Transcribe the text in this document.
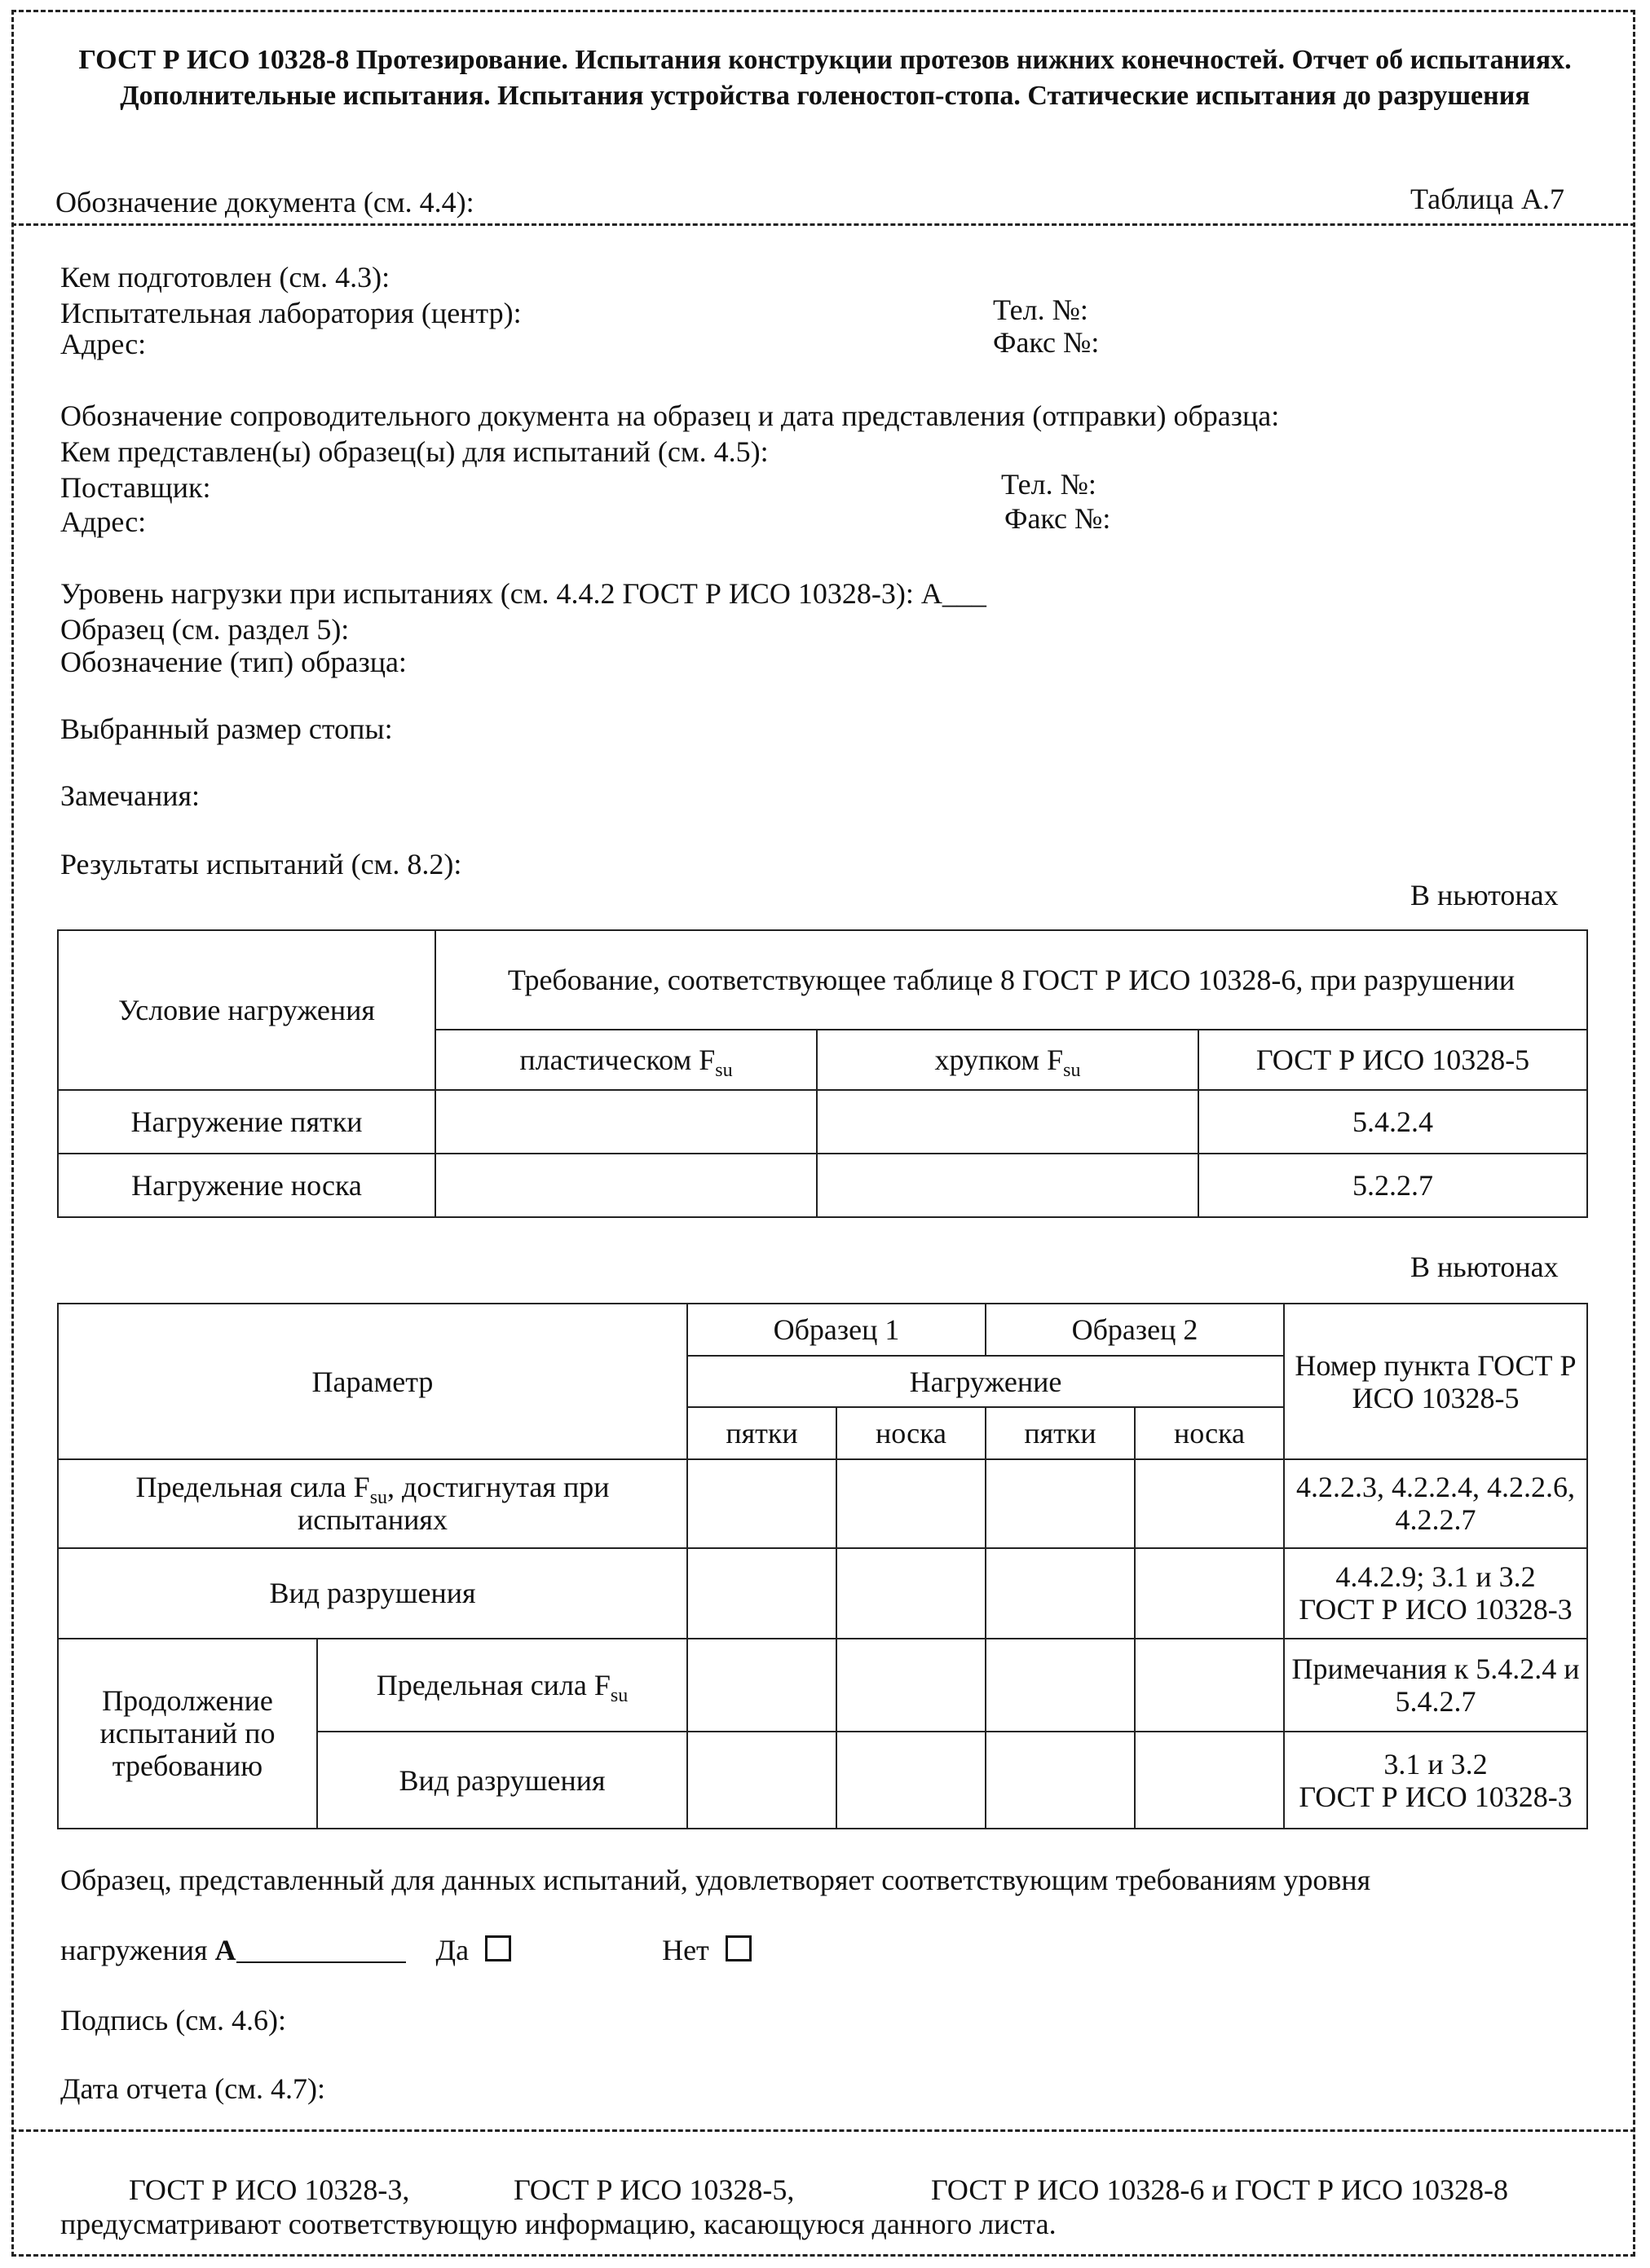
ГОСТ Р ИСО 10328-8 Протезирование. Испытания конструкции протезов нижних конечностей. Отчет об испытаниях. Дополнительные испытания. Испытания устройства голеностоп-стопа. Статические испытания до разрушения
Обозначение документа (см. 4.4):	Таблица А.7
Кем подготовлен (см. 4.3):
Испытательная лаборатория (центр):	Тел. №:
Адрес:	Факс №:
Обозначение сопроводительного документа на образец и дата представления (отправки) образца:
Кем представлен(ы) образец(ы) для испытаний (см. 4.5):
Поставщик:	Тел. №:
Адрес:	Факс №:
Уровень нагрузки при испытаниях (см. 4.4.2 ГОСТ Р ИСО 10328-3): А___
Образец (см. раздел 5):
Обозначение (тип) образца:
Выбранный размер стопы:
Замечания:
Результаты испытаний (см. 8.2):
В ньютонах
Условие нагружения	Требование, соответствующее таблице 8 ГОСТ Р ИСО 10328-6, при разрушении		
	пластическом $F_{su}$	хрупком $F_{su}$	ГОСТ Р ИСО 10328-5
Нагружение пятки			5.4.2.4
Нагружение носка			5.2.2.7
В ньютонах
Параметр		Образец 1		Образец 2		Номер пункта ГОСТ Р ИСО 10328-5
		Нагружение				
		пятки	носка	пятки	носка	
Предельная сила $F_{su}$, достигнутая при испытаниях						4.2.2.3, 4.2.2.4, 4.2.2.6, 4.2.2.7
Вид разрушения						4.4.2.9; 3.1 и 3.2
ГОСТ Р ИСО 10328-3
Продолжение испытаний по требованию	Предельная сила $F_{su}$					Примечания к 5.4.2.4 и 5.4.2.7
	Вид разрушения					3.1 и 3.2
ГОСТ Р ИСО 10328-3
Образец, представленный для данных испытаний, удовлетворяет соответствующим требованиям уровня
нагружения А	Да	Нет
Подпись (см. 4.6):
Дата отчета (см. 4.7):
ГОСТ Р ИСО 10328-3,	ГОСТ Р ИСО 10328-5,	ГОСТ Р ИСО 10328-6 и ГОСТ Р ИСО 10328-8
предусматривают соответствующую информацию, касающуюся данного листа.
